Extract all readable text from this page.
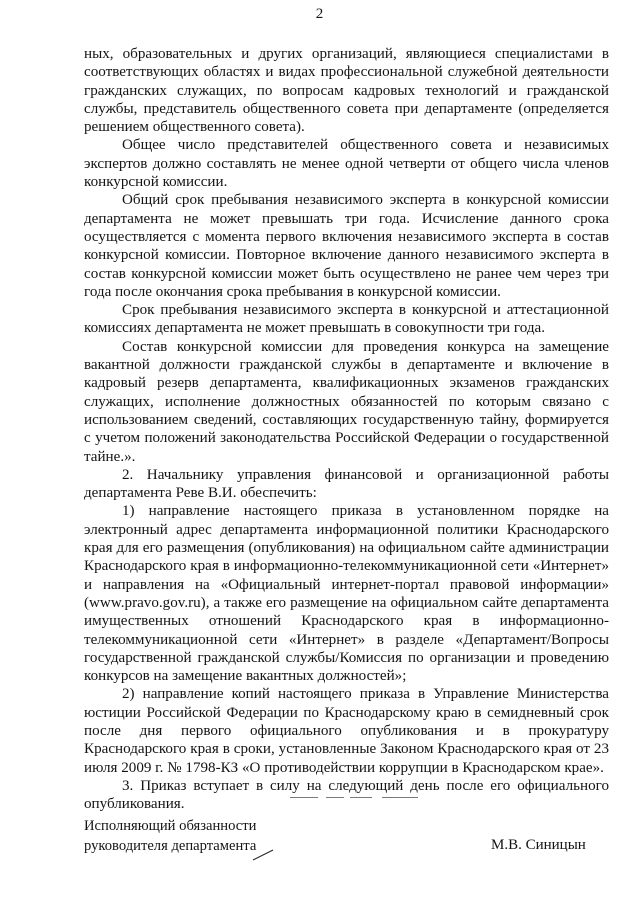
2

ных, образовательных и других организаций, являющиеся специалистами в соответствующих областях и видах профессиональной служебной деятельности гражданских служащих, по вопросам кадровых технологий и гражданской службы, представитель общественного совета при департаменте (определяется решением общественного совета).

Общее число представителей общественного совета и независимых экспертов должно составлять не менее одной четверти от общего числа членов конкурсной комиссии.

Общий срок пребывания независимого эксперта в конкурсной комиссии департамента не может превышать три года. Исчисление данного срока осуществляется с момента первого включения независимого эксперта в состав конкурсной комиссии. Повторное включение данного независимого эксперта в состав конкурсной комиссии может быть осуществлено не ранее чем через три года после окончания срока пребывания в конкурсной комиссии.

Срок пребывания независимого эксперта в конкурсной и аттестационной комиссиях департамента не может превышать в совокупности три года.

Состав конкурсной комиссии для проведения конкурса на замещение вакантной должности гражданской службы в департаменте и включение в кадровый резерв департамента, квалификационных экзаменов гражданских служащих, исполнение должностных обязанностей по которым связано с использованием сведений, составляющих государственную тайну, формируется с учетом положений законодательства Российской Федерации о государственной тайне.».

2. Начальнику управления финансовой и организационной работы департамента Реве В.И. обеспечить:

1) направление настоящего приказа в установленном порядке на электронный адрес департамента информационной политики Краснодарского края для его размещения (опубликования) на официальном сайте администрации Краснодарского края в информационно-телекоммуникационной сети «Интернет» и направления на «Официальный интернет-портал правовой информации» (www.pravo.gov.ru), а также его размещение на официальном сайте департамента имущественных отношений Краснодарского края в информационно-телекоммуникационной сети «Интернет» в разделе «Департамент/Вопросы государственной гражданской службы/Комиссия по организации и проведению конкурсов на замещение вакантных должностей»;

2) направление копий настоящего приказа в Управление Министерства юстиции Российской Федерации по Краснодарскому краю в семидневный срок после дня первого официального опубликования и в прокуратуру Краснодарского края в сроки, установленные Законом Краснодарского края от 23 июля 2009 г. № 1798-КЗ «О противодействии коррупции в Краснодарском крае».

3. Приказ вступает в силу на следующий день после его официального опубликования.

Исполняющий обязанности
руководителя департамента	М.В. Синицын
